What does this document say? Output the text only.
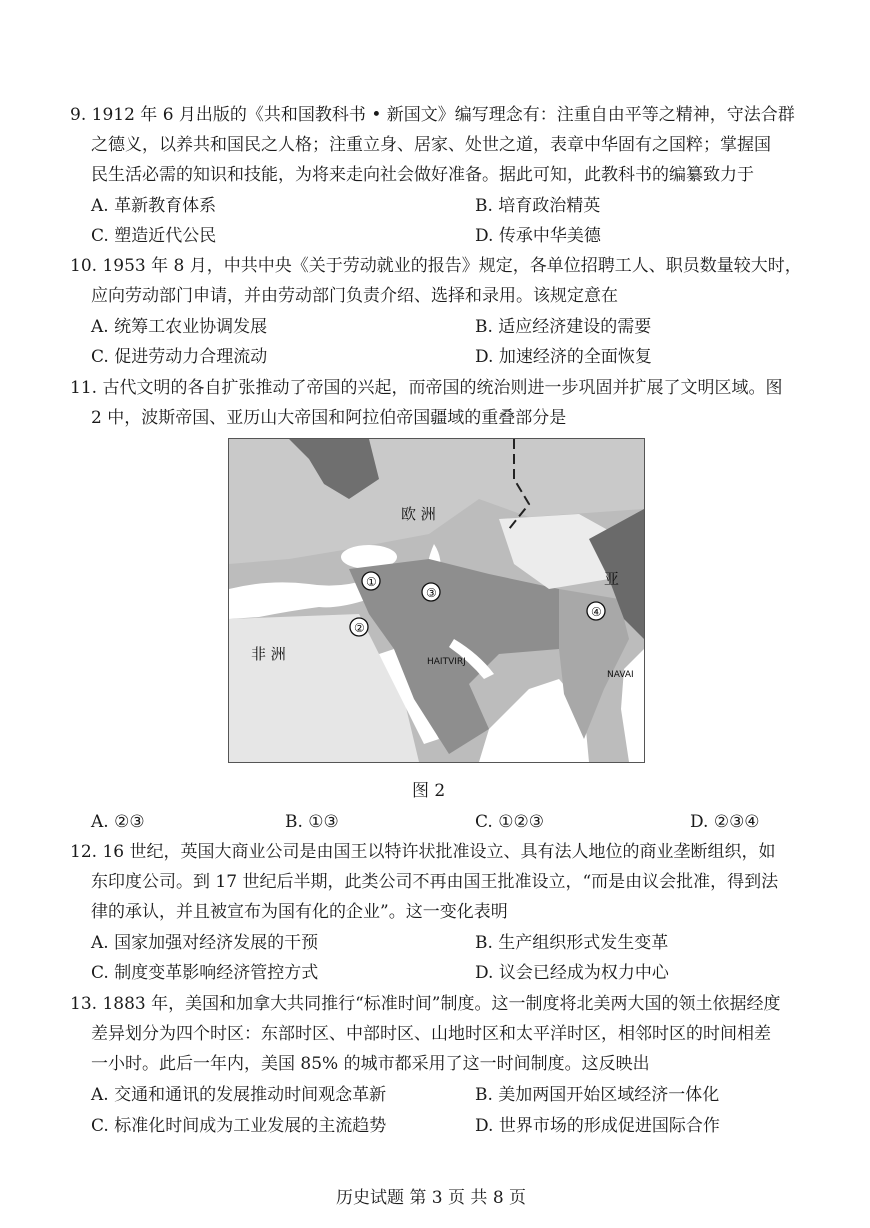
9. 1912 年 6 月出版的《共和国教科书 • 新国文》编写理念有：注重自由平等之精神，守法合群
之德义，以养共和国民之人格；注重立身、居家、处世之道，表章中华固有之国粹；掌握国
民生活必需的知识和技能，为将来走向社会做好准备。据此可知，此教科书的编纂致力于
A. 革新教育体系	B. 培育政治精英
C. 塑造近代公民	D. 传承中华美德
10. 1953 年 8 月，中共中央《关于劳动就业的报告》规定，各单位招聘工人、职员数量较大时，
应向劳动部门申请，并由劳动部门负责介绍、选择和录用。该规定意在
A. 统筹工农业协调发展	B. 适应经济建设的需要
C. 促进劳动力合理流动	D. 加速经济的全面恢复
11. 古代文明的各自扩张推动了帝国的兴起，而帝国的统治则进一步巩固并扩展了文明区域。图
2 中，波斯帝国、亚历山大帝国和阿拉伯帝国疆域的重叠部分是
欧 洲
非 洲
亚
HAITVIRJ
NAVAI
①
②
③
④
图 2
A. ②③	B. ①③	C. ①②③	D. ②③④
12. 16 世纪，英国大商业公司是由国王以特许状批准设立、具有法人地位的商业垄断组织，如
东印度公司。到 17 世纪后半期，此类公司不再由国王批准设立，“而是由议会批准，得到法
律的承认，并且被宣布为国有化的企业”。这一变化表明
A. 国家加强对经济发展的干预	B. 生产组织形式发生变革
C. 制度变革影响经济管控方式	D. 议会已经成为权力中心
13. 1883 年，美国和加拿大共同推行“标准时间”制度。这一制度将北美两大国的领土依据经度
差异划分为四个时区：东部时区、中部时区、山地时区和太平洋时区，相邻时区的时间相差
一小时。此后一年内，美国 85% 的城市都采用了这一时间制度。这反映出
A. 交通和通讯的发展推动时间观念革新	B. 美加两国开始区域经济一体化
C. 标准化时间成为工业发展的主流趋势	D. 世界市场的形成促进国际合作
历史试题 第 3 页 共 8 页
